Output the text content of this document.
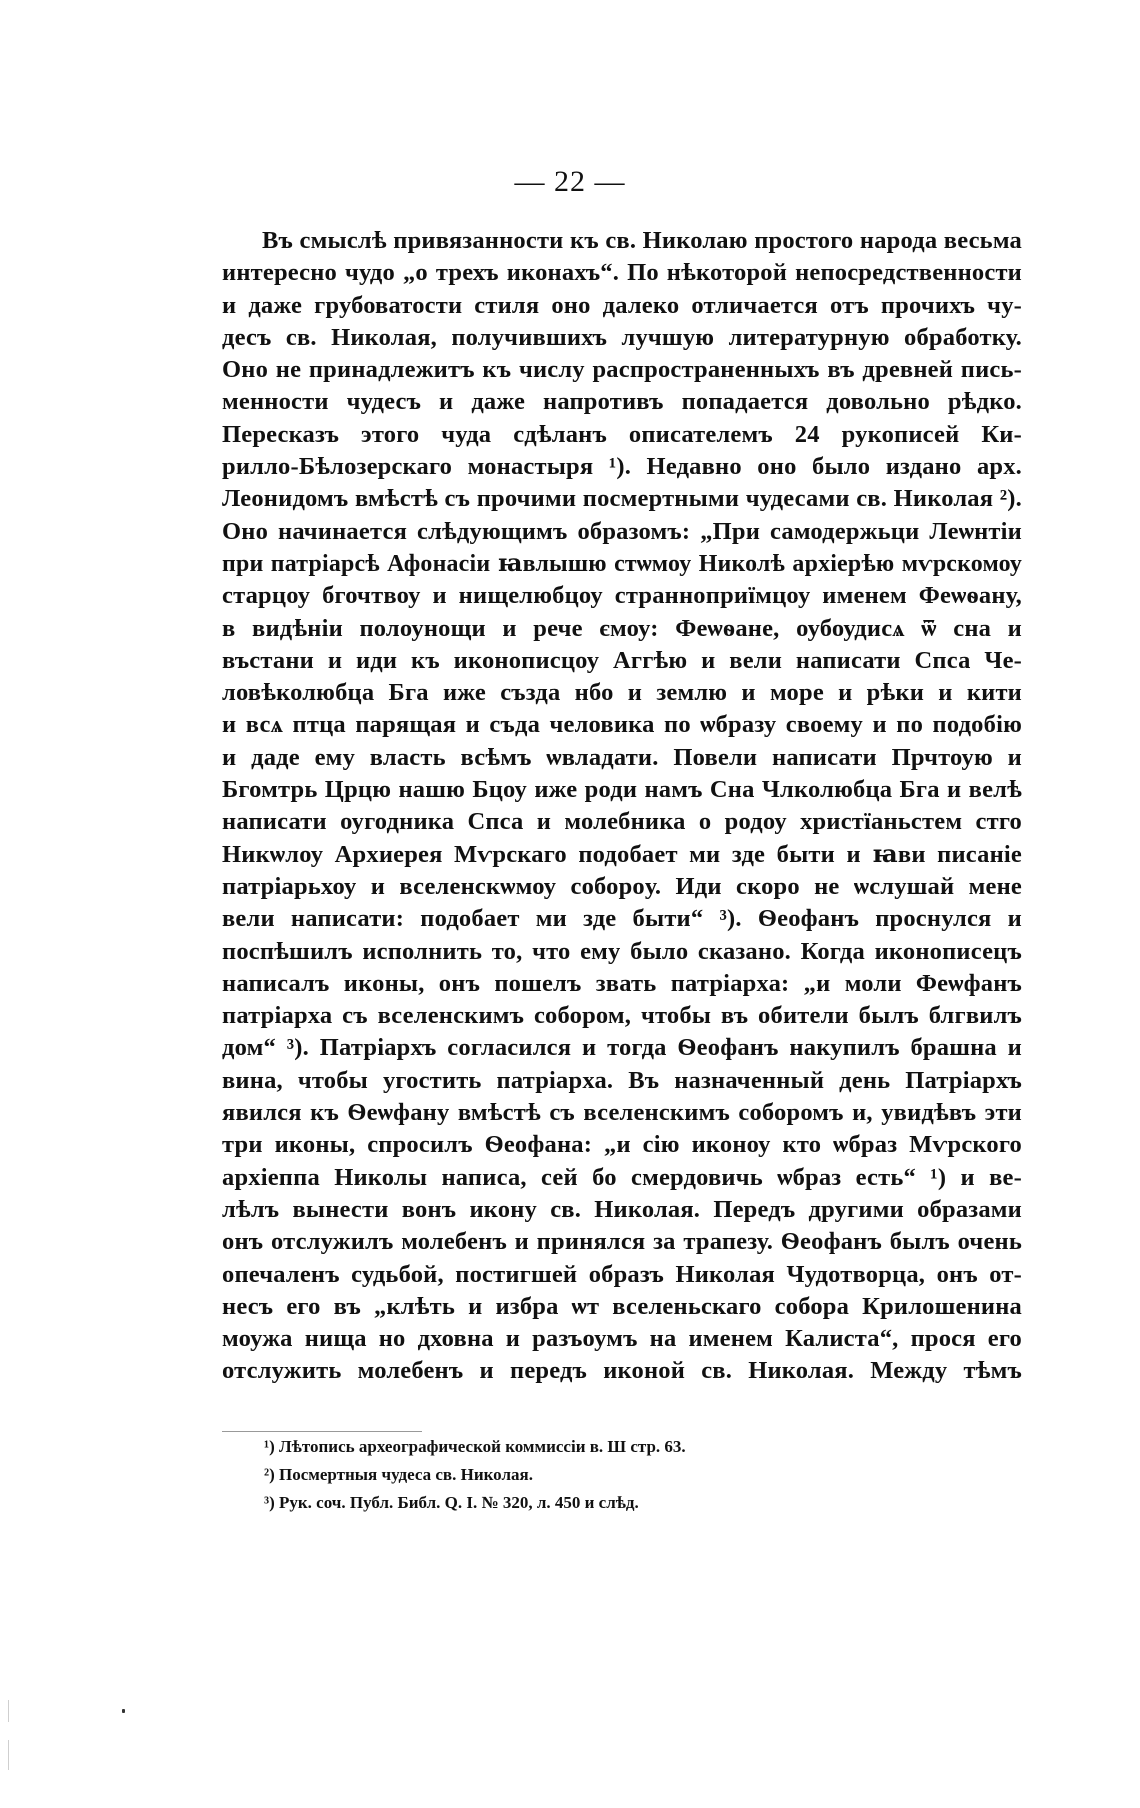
— 22 —
Въ смыслѣ привязанности къ св. Николаю простого народа весьма
интересно чудо „о трехъ иконахъ“. По нѣкоторой непосредственности
и даже грубоватости стиля оно далеко отличается отъ прочихъ чу-
десъ св. Николая, получившихъ лучшую литературную обработку.
Оно не принадлежитъ къ числу распространенныхъ въ древней пись-
менности чудесъ и даже напротивъ попадается довольно рѣдко.
Пересказъ этого чуда сдѣланъ описателемъ 24 рукописей Ки-
рилло-Бѣлозерскаго монастыря ¹). Недавно оно было издано арх.
Леонидомъ вмѣстѣ съ прочими посмертными чудесами св. Николая ²).
Оно начинается слѣдующимъ образомъ: „При самодержьци Леѡнтіи
при патріарсѣ Афонасіи ꙗвлышю стѡмоу Николѣ архіерѣю мѵрскомоу
старцоу бгочтвоу и нищелюбцоу странноприїмцоу именем Феѡѳану,
в видѣніи полоунощи и рече ємоу: Феѡѳане, оубоудисѧ ѿ сна и
въстани и иди къ иконописцоу Аггѣю и вели написати Спса Че-
ловѣколюбца Бга иже създа нбо и землю и море и рѣки и кити
и всѧ птца парящая и съда человика по ѡбразу своему и по подобію
и даде ему власть всѣмъ ѡвладати. Повели написати Прчтоую и
Бгомтрь Црцю нашю Бцоу иже роди намъ Сна Члколюбца Бга и велѣ
написати оугодника Спса и молебника о родоу христїаньстем стго
Никѡлоу Архиерея Мѵрскаго подобает ми зде быти и ꙗви писаніе
патріарьхоу и вселенскѡмоу соборoу. Иди скоро не ѡслушай мене
вели написати: подобает ми зде быти“ ³). Ѳеофанъ проснулся и
поспѣшилъ исполнить то, что ему было сказано. Когда иконописецъ
написалъ иконы, онъ пошелъ звать патріарха: „и моли Феѡфанъ
патріарха съ вселенскимъ собором, чтобы въ обители былъ блгвилъ
дом“ ³). Патріархъ согласился и тогда Ѳеофанъ накупилъ брашна и
вина, чтобы угостить патріарха. Въ назначенный день Патріархъ
явился къ Ѳеѡфану вмѣстѣ съ вселенскимъ соборомъ и, увидѣвъ эти
три иконы, спросилъ Ѳеофана: „и сію иконоу кто ѡбраз Мѵрского
архіеппа Николы написа, сей бо смердовичь ѡбраз есть“ ¹) и ве-
лѣлъ вынести вонъ икону св. Николая. Передъ другими образами
онъ отслужилъ молебенъ и принялся за трапезу. Ѳеофанъ былъ очень
опечаленъ судьбой, постигшей образъ Николая Чудотворца, онъ от-
несъ его въ „клѣть и избра ѡт вселеньскаго собора Крилошенина
моужа нища но дховна и разъоумъ на именем Калиста“, прося его
отслужить молебенъ и передъ иконой св. Николая. Между тѣмъ
¹) Лѣтопись археографической коммиссіи в. Ш стр. 63.
²) Посмертныя чудеса св. Николая.
³) Рук. соч. Публ. Библ. Q. I. № 320, л. 450 и слѣд.
